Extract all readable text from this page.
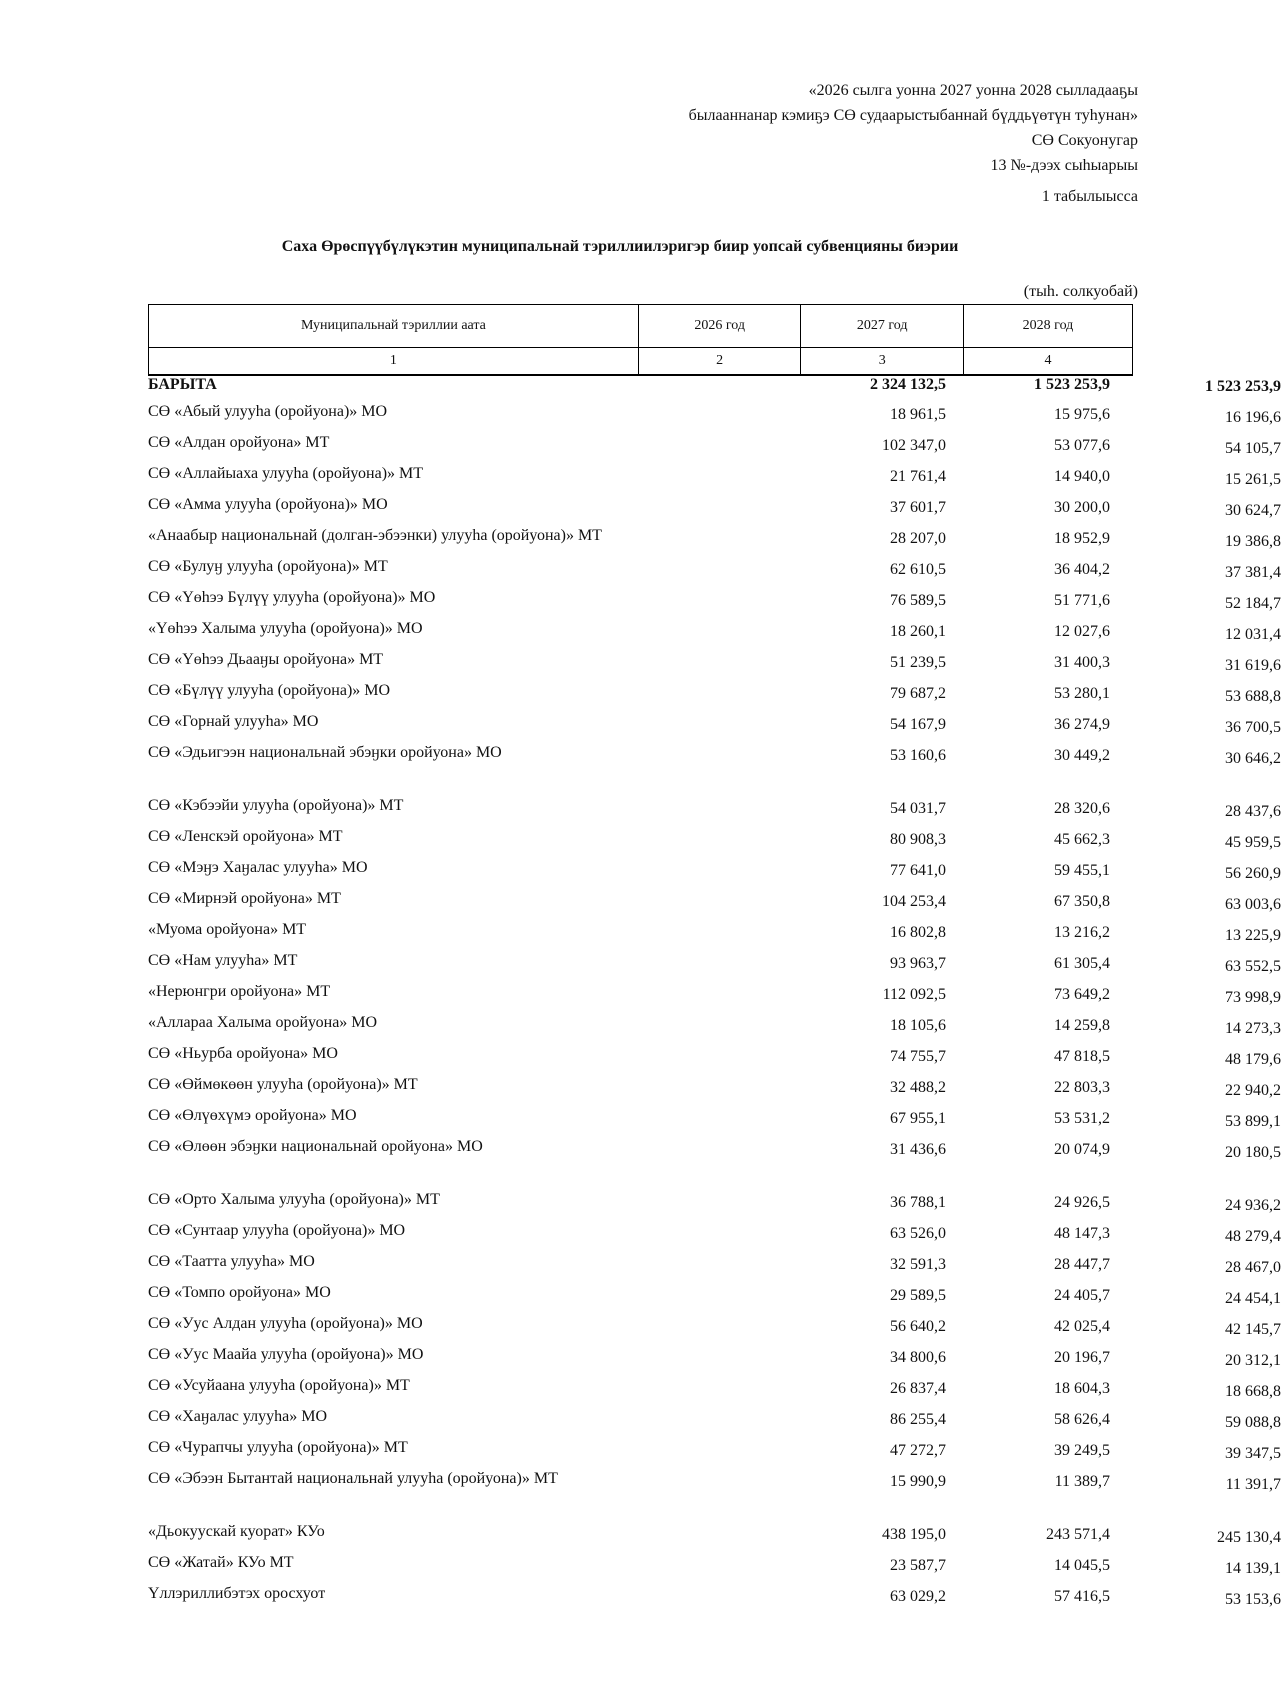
«2026 сылга уонна 2027 уонна 2028 сылладааҕы
былааннанар кэмиҕэ СӨ судаарыстыбаннай бүддьүөтүн туһунан»
СӨ Сокуонугар
13 №-дээх сыһыарыы
1 табылыысса
Саха Өрөспүүбүлүкэтин муниципальнай тэриллиилэригэр биир уопсай субвенцияны биэрии
(тыһ. солкуобай)
Муниципальнай тэриллии аата	2026 год	2027 год	2028 год
1	2	3	4
БАРЫТА	2 324 132,5	1 523 253,9	1 523 253,9
СӨ «Абый улууһа (оройуона)» МО	18 961,5	15 975,6	16 196,6
СӨ «Алдан оройуона» МТ	102 347,0	53 077,6	54 105,7
СӨ «Аллайыаха улууһа (оройуона)» МТ	21 761,4	14 940,0	15 261,5
СӨ «Амма улууһа (оройуона)» МО	37 601,7	30 200,0	30 624,7
«Анаабыр национальнай (долган-эбээнки) улууһа (оройуона)» МТ	28 207,0	18 952,9	19 386,8
СӨ «Булуӈ улууһа (оройуона)» МТ	62 610,5	36 404,2	37 381,4
СӨ «Үөһээ Бүлүү улууһа (оройуона)» МО	76 589,5	51 771,6	52 184,7
«Үөһээ Халыма улууһа (оройуона)» МО	18 260,1	12 027,6	12 031,4
СӨ «Үөһээ Дьааӈы оройуона» МТ	51 239,5	31 400,3	31 619,6
СӨ «Бүлүү улууһа (оройуона)» МО	79 687,2	53 280,1	53 688,8
СӨ «Горнай улууһа» МО	54 167,9	36 274,9	36 700,5
СӨ «Эдьигээн национальнай эбэӈки оройуона» МО	53 160,6	30 449,2	30 646,2
СӨ «Кэбээйи улууһа (оройуона)» МТ	54 031,7	28 320,6	28 437,6
СӨ «Ленскэй оройуона» МТ	80 908,3	45 662,3	45 959,5
СӨ «Мэӈэ Хаӈалас улууһа» МО	77 641,0	59 455,1	56 260,9
СӨ «Мирнэй оройуона» МТ	104 253,4	67 350,8	63 003,6
«Муома оройуона» МТ	16 802,8	13 216,2	13 225,9
СӨ «Нам улууһа» МТ	93 963,7	61 305,4	63 552,5
«Нерюнгри оройуона» МТ	112 092,5	73 649,2	73 998,9
«Аллараа Халыма оройуона» МО	18 105,6	14 259,8	14 273,3
СӨ «Ньурба оройуона» МО	74 755,7	47 818,5	48 179,6
СӨ «Өймөкөөн улууһа (оройуона)» МТ	32 488,2	22 803,3	22 940,2
СӨ «Өлүөхүмэ оройуона» МО	67 955,1	53 531,2	53 899,1
СӨ «Өлөөн эбэӈки национальнай оройуона» МО	31 436,6	20 074,9	20 180,5
СӨ «Орто Халыма улууһа (оройуона)» МТ	36 788,1	24 926,5	24 936,2
СӨ «Сунтаар улууһа (оройуона)» МО	63 526,0	48 147,3	48 279,4
СӨ «Таатта улууһа» МО	32 591,3	28 447,7	28 467,0
СӨ «Томпо оройуона» МО	29 589,5	24 405,7	24 454,1
СӨ «Уус Алдан улууһа (оройуона)» МО	56 640,2	42 025,4	42 145,7
СӨ «Уус Маайа улууһа (оройуона)» МО	34 800,6	20 196,7	20 312,1
СӨ «Усуйаана улууһа (оройуона)» МТ	26 837,4	18 604,3	18 668,8
СӨ «Хаӈалас улууһа» МО	86 255,4	58 626,4	59 088,8
СӨ «Чурапчы улууһа (оройуона)» МТ	47 272,7	39 249,5	39 347,5
СӨ «Эбээн Бытантай национальнай улууһа (оройуона)» МТ	15 990,9	11 389,7	11 391,7
«Дьокуускай куорат» КУо	438 195,0	243 571,4	245 130,4
СӨ «Жатай» КУо МТ	23 587,7	14 045,5	14 139,1
Үллэриллибэтэх оросхуот	63 029,2	57 416,5	53 153,6
